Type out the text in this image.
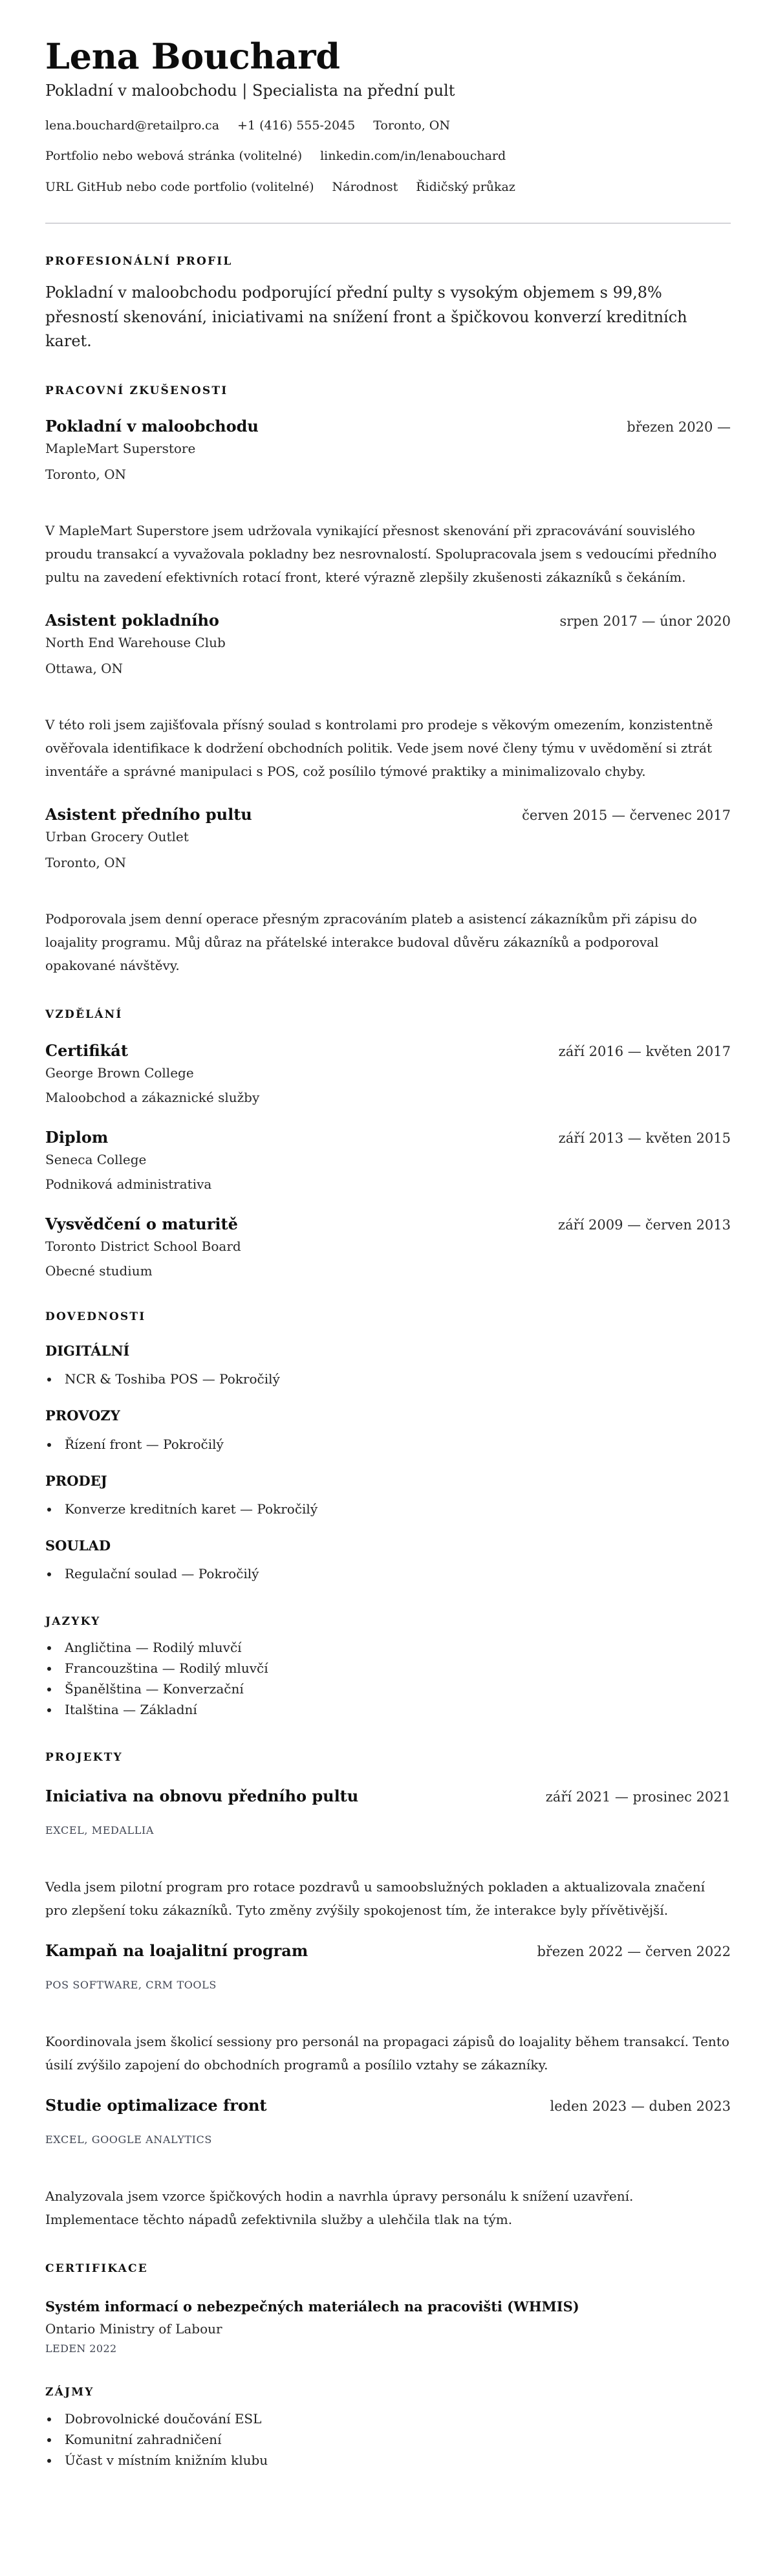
Lena Bouchard
Pokladní v maloobchodu | Specialista na přední pult
lena.bouchard@retailpro.ca +1 (416) 555-2045 Toronto, ON
Portfolio nebo webová stránka (volitelné) linkedin.com/in/lenabouchard
URL GitHub nebo code portfolio (volitelné) Národnost Řidičský průkaz
PROFESIONÁLNÍ PROFIL

Pokladní v maloobchodu podporující přední pulty s vysokým objemem s 99,8% přesností skenování, iniciativami na snížení front a špičkovou konverzí kreditních karet.

PRACOVNÍ ZKUŠENOSTI
Pokladní v maloobchodu	březen 2020 —
MapleMart Superstore
Toronto, ON

V MapleMart Superstore jsem udržovala vynikající přesnost skenování při zpracovávání souvislého proudu transakcí a vyvažovala pokladny bez nesrovnalostí. Spolupracovala jsem s vedoucími předního pultu na zavedení efektivních rotací front, které výrazně zlepšily zkušenosti zákazníků s čekáním.

Asistent pokladního	srpen 2017 — únor 2020
North End Warehouse Club
Ottawa, ON

V této roli jsem zajišťovala přísný soulad s kontrolami pro prodeje s věkovým omezením, konzistentně ověřovala identifikace k dodržení obchodních politik. Vede jsem nové členy týmu v uvědomění si ztrát inventáře a správné manipulaci s POS, což posílilo týmové praktiky a minimalizovalo chyby.

Asistent předního pultu	červen 2015 — červenec 2017
Urban Grocery Outlet
Toronto, ON

Podporovala jsem denní operace přesným zpracováním plateb a asistencí zákazníkům při zápisu do loajality programu. Můj důraz na přátelské interakce budoval důvěru zákazníků a podporoval opakované návštěvy.

VZDĚLÁNÍ
Certifikát	září 2016 — květen 2017
George Brown College
Maloobchod a zákaznické služby
Diplom	září 2013 — květen 2015
Seneca College
Podniková administrativa
Vysvědčení o maturitě	září 2009 — červen 2013
Toronto District School Board
Obecné studium
DOVEDNOSTI
DIGITÁLNÍ
NCR & Toshiba POS — Pokročilý
PROVOZY
Řízení front — Pokročilý
PRODEJ
Konverze kreditních karet — Pokročilý
SOULAD
Regulační soulad — Pokročilý
JAZYKY
Angličtina — Rodilý mluvčí
Francouzština — Rodilý mluvčí
Španělština — Konverzační
Italština — Základní
PROJEKTY
Iniciativa na obnovu předního pultu	září 2021 — prosinec 2021
EXCEL, MEDALLIA

Vedla jsem pilotní program pro rotace pozdravů u samoobslužných pokladen a aktualizovala značení pro zlepšení toku zákazníků. Tyto změny zvýšily spokojenost tím, že interakce byly přívětivější.

Kampaň na loajalitní program	březen 2022 — červen 2022
POS SOFTWARE, CRM TOOLS

Koordinovala jsem školicí sessiony pro personál na propagaci zápisů do loajality během transakcí. Tento úsilí zvýšilo zapojení do obchodních programů a posílilo vztahy se zákazníky.

Studie optimalizace front	leden 2023 — duben 2023
EXCEL, GOOGLE ANALYTICS

Analyzovala jsem vzorce špičkových hodin a navrhla úpravy personálu k snížení uzavření. Implementace těchto nápadů zefektivnila služby a ulehčila tlak na tým.

CERTIFIKACE
Systém informací o nebezpečných materiálech na pracovišti (WHMIS)
Ontario Ministry of Labour
LEDEN 2022
ZÁJMY
Dobrovolnické doučování ESL
Komunitní zahradničení
Účast v místním knižním klubu
